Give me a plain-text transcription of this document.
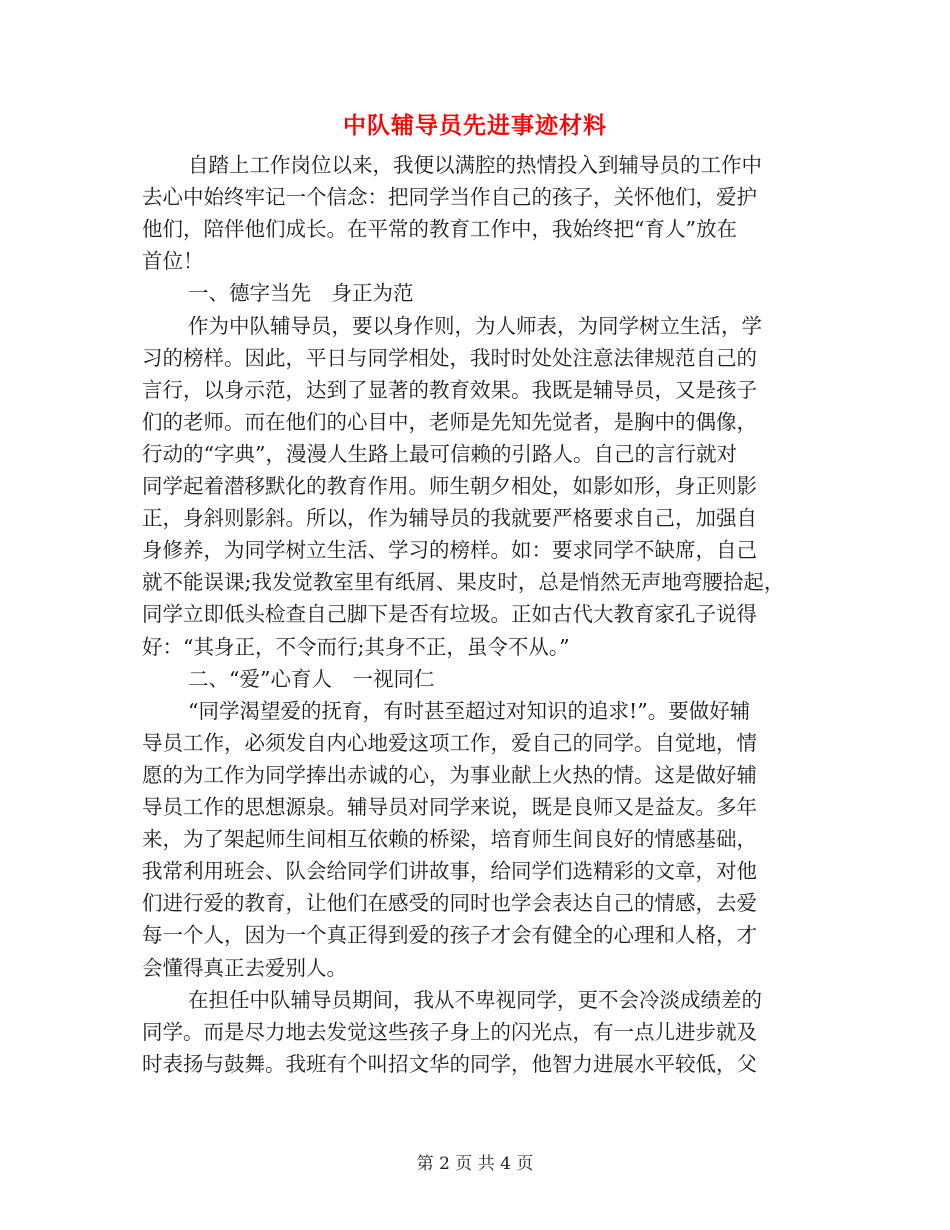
中队辅导员先进事迹材料
自踏上工作岗位以来，我便以满腔的热情投入到辅导员的工作中
去心中始终牢记一个信念：把同学当作自己的孩子，关怀他们，爱护
他们，陪伴他们成长。在平常的教育工作中，我始终把“育人”放在
首位！
一、德字当先　身正为范
作为中队辅导员，要以身作则，为人师表，为同学树立生活，学
习的榜样。因此，平日与同学相处，我时时处处注意法律规范自己的
言行，以身示范，达到了显著的教育效果。我既是辅导员，又是孩子
们的老师。而在他们的心目中，老师是先知先觉者，是胸中的偶像，
行动的“字典”，漫漫人生路上最可信赖的引路人。自己的言行就对
同学起着潜移默化的教育作用。师生朝夕相处，如影如形，身正则影
正，身斜则影斜。所以，作为辅导员的我就要严格要求自己，加强自
身修养，为同学树立生活、学习的榜样。如：要求同学不缺席，自己
就不能误课;我发觉教室里有纸屑、果皮时，总是悄然无声地弯腰拾起，
同学立即低头检查自己脚下是否有垃圾。正如古代大教育家孔子说得
好：“其身正，不令而行;其身不正，虽令不从。”
二、“爱”心育人　一视同仁
“同学渴望爱的抚育，有时甚至超过对知识的追求!”。要做好辅
导员工作，必须发自内心地爱这项工作，爱自己的同学。自觉地，情
愿的为工作为同学捧出赤诚的心，为事业献上火热的情。这是做好辅
导员工作的思想源泉。辅导员对同学来说，既是良师又是益友。多年
来，为了架起师生间相互依赖的桥梁，培育师生间良好的情感基础，
我常利用班会、队会给同学们讲故事，给同学们选精彩的文章，对他
们进行爱的教育，让他们在感受的同时也学会表达自己的情感，去爱
每一个人，因为一个真正得到爱的孩子才会有健全的心理和人格，才
会懂得真正去爱别人。
在担任中队辅导员期间，我从不卑视同学，更不会冷淡成绩差的
同学。而是尽力地去发觉这些孩子身上的闪光点，有一点儿进步就及
时表扬与鼓舞。我班有个叫招文华的同学，他智力进展水平较低，父
第 2 页 共 4 页
